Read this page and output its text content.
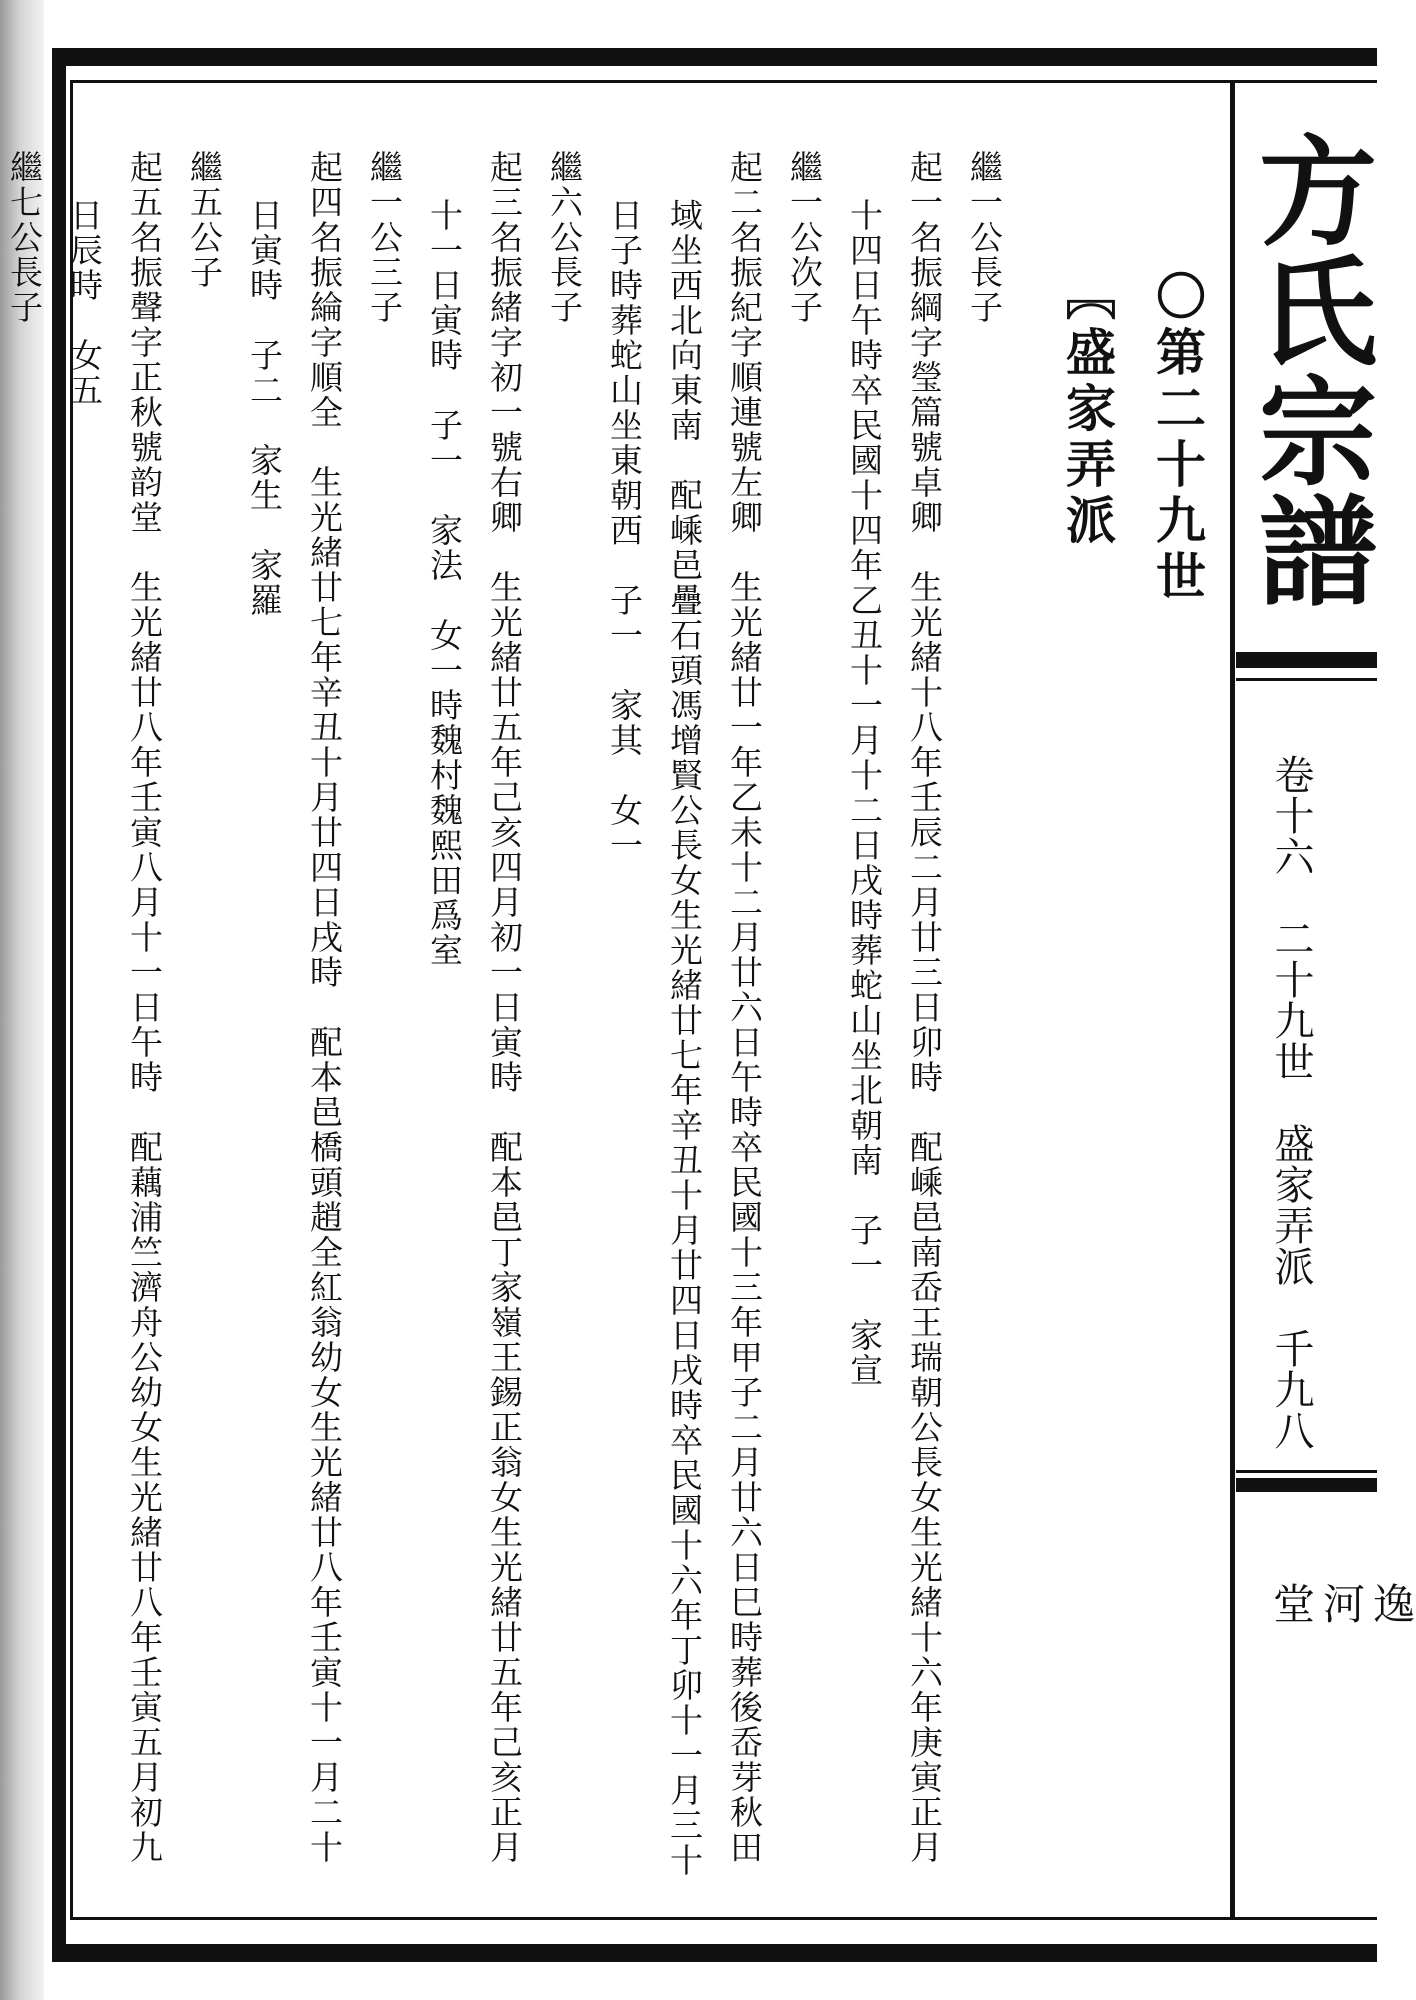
方氏宗譜
卷十六　二十九世　盛家弄派　千九八
逸
河
堂
〇第二十九世
〖盛家弄派
繼一公長子
起一名振綱字瑩篇號卓卿　生光緒十八年壬辰二月廿三日卯時　配嵊邑南岙王瑞朝公長女生光緒十六年庚寅正月
十四日午時卒民國十四年乙丑十一月十二日戌時葬蛇山坐北朝南　子一　家宣
繼一公次子
起二名振紀字順連號左卿　生光緒廿一年乙未十二月廿六日午時卒民國十三年甲子二月廿六日巳時葬後岙芽秋田
域坐西北向東南　配嵊邑疊石頭馮增賢公長女生光緒廿七年辛丑十月廿四日戌時卒民國十六年丁卯十一月三十
日子時葬蛇山坐東朝西　子一　家其　女一
繼六公長子
起三名振緒字初一號右卿　生光緒廿五年己亥四月初一日寅時　配本邑丁家嶺王錫正翁女生光緒廿五年己亥正月
十一日寅時　子一　家法　女一時魏村魏熙田爲室
繼一公三子
起四名振綸字順全　生光緒廿七年辛丑十月廿四日戌時　配本邑橋頭趙全紅翁幼女生光緒廿八年壬寅十一月二十
日寅時　子二　家生　家羅
繼五公子
起五名振聲字正秋號韵堂　生光緒廿八年壬寅八月十一日午時　配藕浦竺濟舟公幼女生光緒廿八年壬寅五月初九
日辰時　女五
繼七公長子
